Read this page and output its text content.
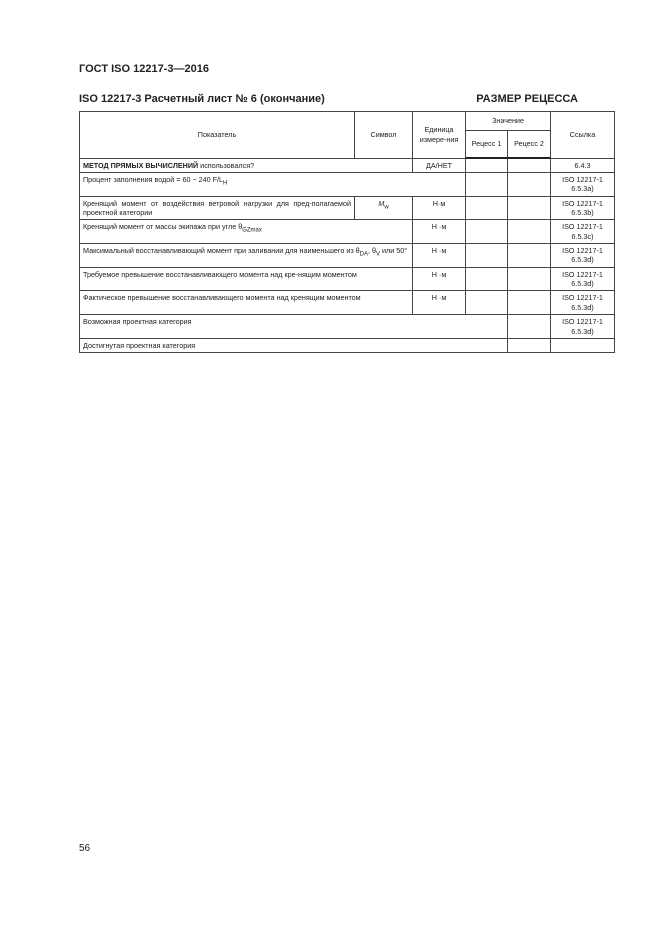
ГОСТ ISO 12217-3—2016
ISO 12217-3 Расчетный лист № 6 (окончание)	РАЗМЕР РЕЦЕССА
Показатель	Символ	Единица измере-ния	Значение		Ссылка
			Рецесс 1	Рецесс 2	
МЕТОД ПРЯМЫХ ВЫЧИСЛЕНИЙ использовался?		ДА/НЕТ			6.4.3
Процент заполнения водой = 60 − 240 $F/L_H$					ISO 12217-1 6.5.3a)
Кренящий момент от воздействия ветровой нагрузки для пред-полагаемой проектной категории	$M_w$	Н·м			ISO 12217-1 6.5.3b)
Кренящий момент от массы экипажа при угле $\theta_{GZmax}$		Н ·м			ISO 12217-1 6.5.3c)
Максимальный восстанавливающий момент при заливании для наименьшего из $\theta_{DA}$, $\theta_V$ или 50°		Н ·м			ISO 12217-1 6.5.3d)
Требуемое превышение восстанавливающего момента над кре-нящим моментом		Н ·м			ISO 12217-1 6.5.3d)
Фактическое превышение восстанавливающего момента над кренящим моментом		Н ·м			ISO 12217-1 6.5.3d)
Возможная проектная категория					ISO 12217-1 6.5.3d)
Достигнутая проектная категория					
56
